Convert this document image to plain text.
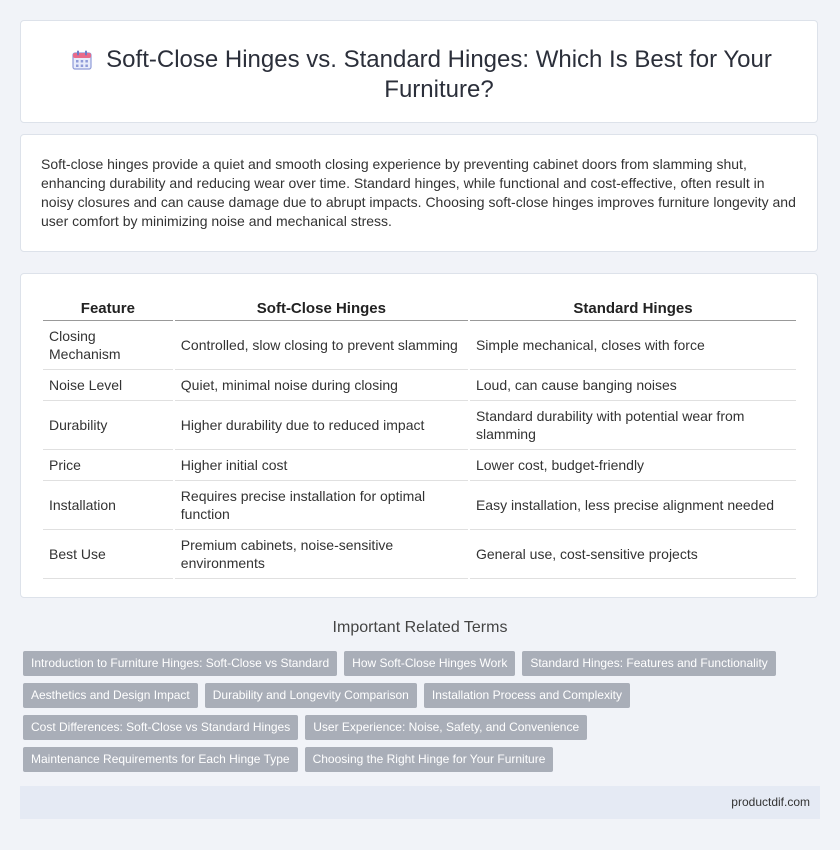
Soft-Close Hinges vs. Standard Hinges: Which Is Best for Your
Furniture?

Soft-close hinges provide a quiet and smooth closing experience by preventing cabinet doors from slamming shut, enhancing durability and reducing wear over time. Standard hinges, while functional and cost-effective, often result in noisy closures and can cause damage due to abrupt impacts. Choosing soft-close hinges improves furniture longevity and user comfort by minimizing noise and mechanical stress.

Feature	Soft-Close Hinges	Standard Hinges
Closing Mechanism	Controlled, slow closing to prevent slamming	Simple mechanical, closes with force
Noise Level	Quiet, minimal noise during closing	Loud, can cause banging noises
Durability	Higher durability due to reduced impact	Standard durability with potential wear from slamming
Price	Higher initial cost	Lower cost, budget-friendly
Installation	Requires precise installation for optimal function	Easy installation, less precise alignment needed
Best Use	Premium cabinets, noise-sensitive environments	General use, cost-sensitive projects
Important Related Terms
Introduction to Furniture Hinges: Soft-Close vs Standard	How Soft-Close Hinges Work	Standard Hinges: Features and Functionality
Aesthetics and Design Impact	Durability and Longevity Comparison	Installation Process and Complexity
Cost Differences: Soft-Close vs Standard Hinges	User Experience: Noise, Safety, and Convenience
Maintenance Requirements for Each Hinge Type	Choosing the Right Hinge for Your Furniture
productdif.com
